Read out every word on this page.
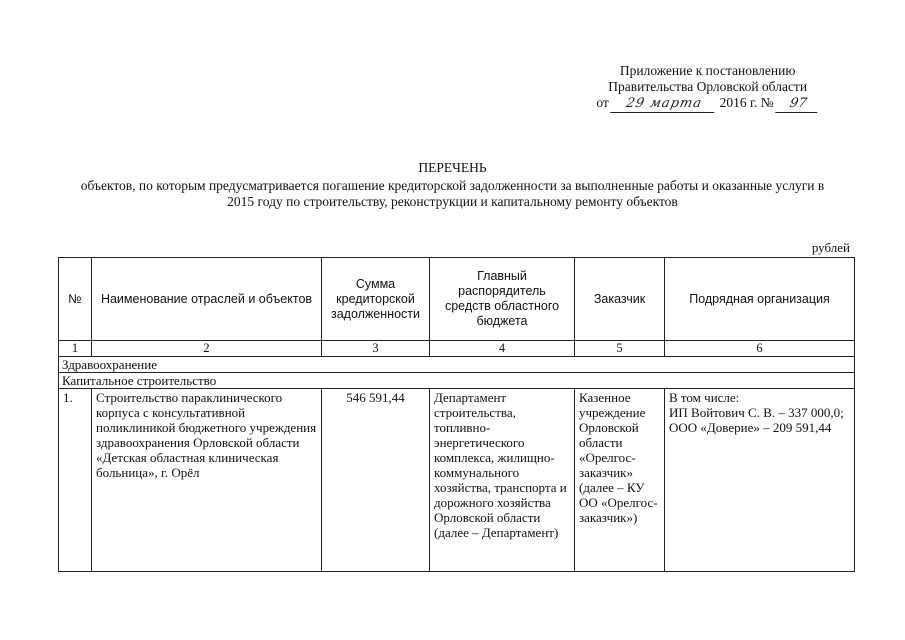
Приложение к постановлению
Правительства Орловской области
от 29 марта 2016 г. № 97
ПЕРЕЧЕНЬ
объектов, по которым предусматривается погашение кредиторской задолженности за выполненные работы и оказанные услуги в 2015 году по строительству, реконструкции и капитальному ремонту объектов
рублей
№	Наименование отраслей и объектов	Сумма кредиторской задолженности	Главный распорядитель средств областного бюджета	Заказчик	Подрядная организация
1	2	3	4	5	6
Здравоохранение					
Капитальное строительство					
1.	Строительство параклинического корпуса с консультативной поликлиникой бюджетного учреждения здравоохранения Орловской области «Детская областная клиническая больница», г. Орёл	546 591,44	Департамент строительства, топливно-энергетического комплекса, жилищно-коммунального хозяйства, транспорта и дорожного хозяйства Орловской области (далее – Департамент)	Казенное учреждение Орловской области «Орелгос-заказчик» (далее – КУ ОО «Орелгос-заказчик»)	В том числе:
ИП Войтович С. В. – 337 000,0;
ООО «Доверие» – 209 591,44
